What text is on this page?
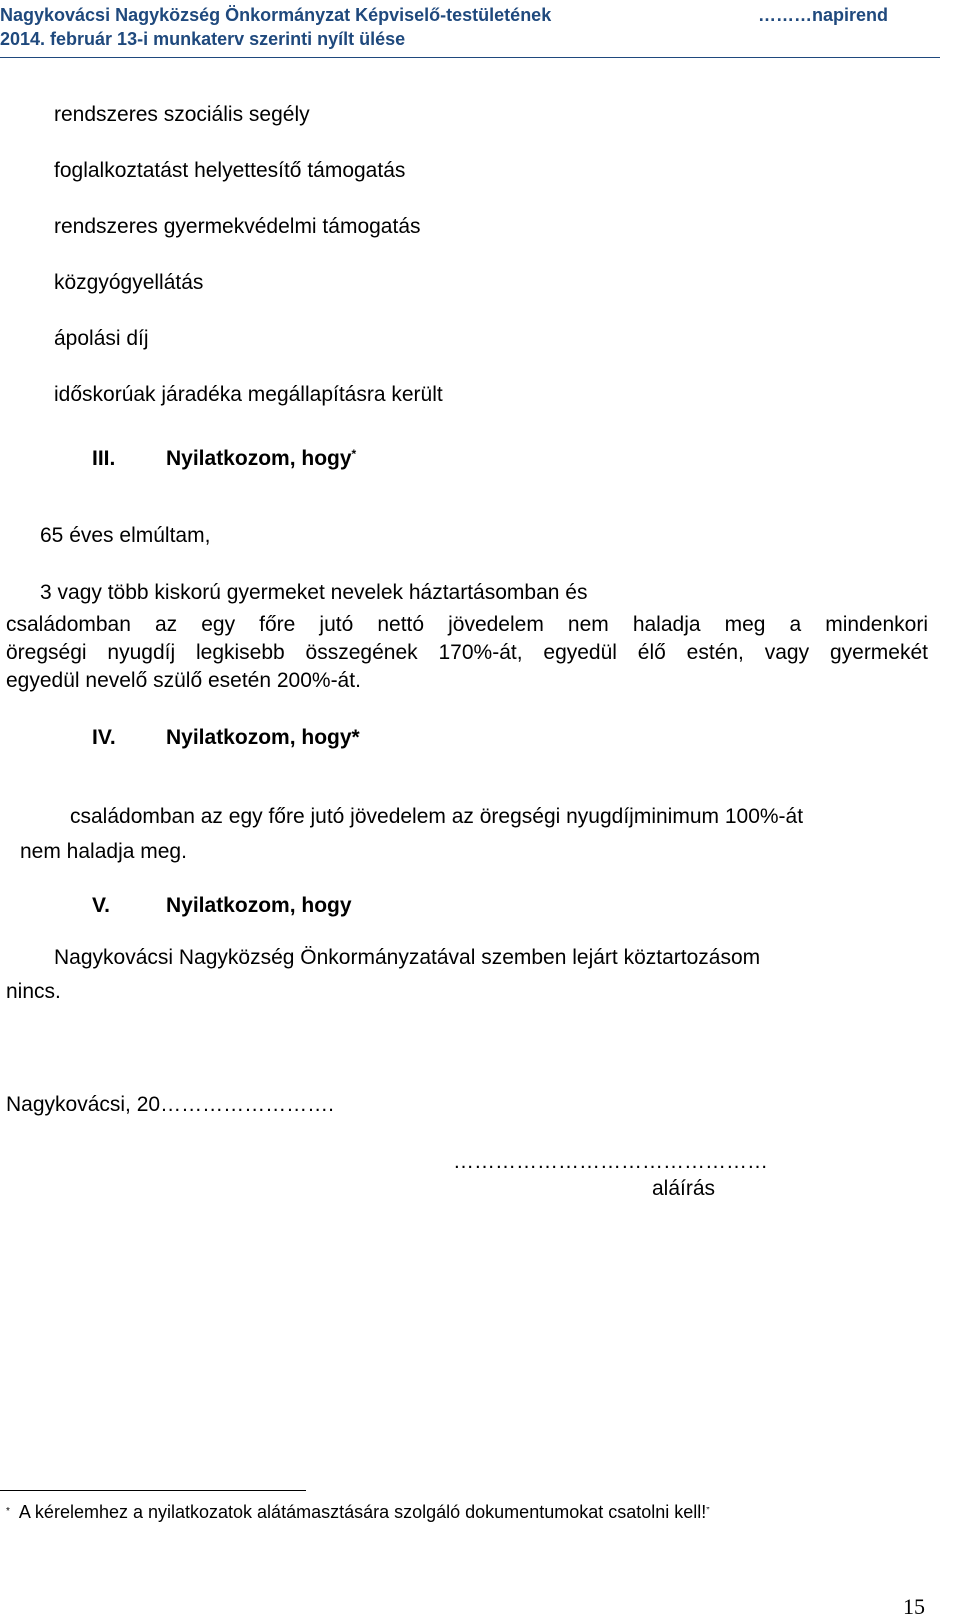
Nagykovácsi Nagyközség Önkormányzat Képviselő-testületének	………napirend
2014. február 13-i munkaterv szerinti nyílt ülése
rendszeres szociális segély
foglalkoztatást helyettesítő támogatás
rendszeres gyermekvédelmi támogatás
közgyógyellátás
ápolási díj
időskorúak járadéka megállapításra került
III. Nyilatkozom, hogy*
65 éves elmúltam,
3 vagy több kiskorú gyermeket nevelek háztartásomban és
családomban az egy főre jutó nettó jövedelem nem haladja meg a mindenkori
öregségi nyugdíj legkisebb összegének 170%-át, egyedül élő estén, vagy gyermekét
egyedül nevelő szülő esetén 200%-át.
IV. Nyilatkozom, hogy*
családomban az egy főre jutó jövedelem az öregségi nyugdíjminimum 100%-át
nem haladja meg.
V.	Nyilatkozom, hogy
Nagykovácsi Nagyközség Önkormányzatával szemben lejárt köztartozásom
nincs.
Nagykovácsi, 20…………………….
………………………………………
aláírás
* A kérelemhez a nyilatkozatok alátámasztására szolgáló dokumentumokat csatolni kell!”
15
